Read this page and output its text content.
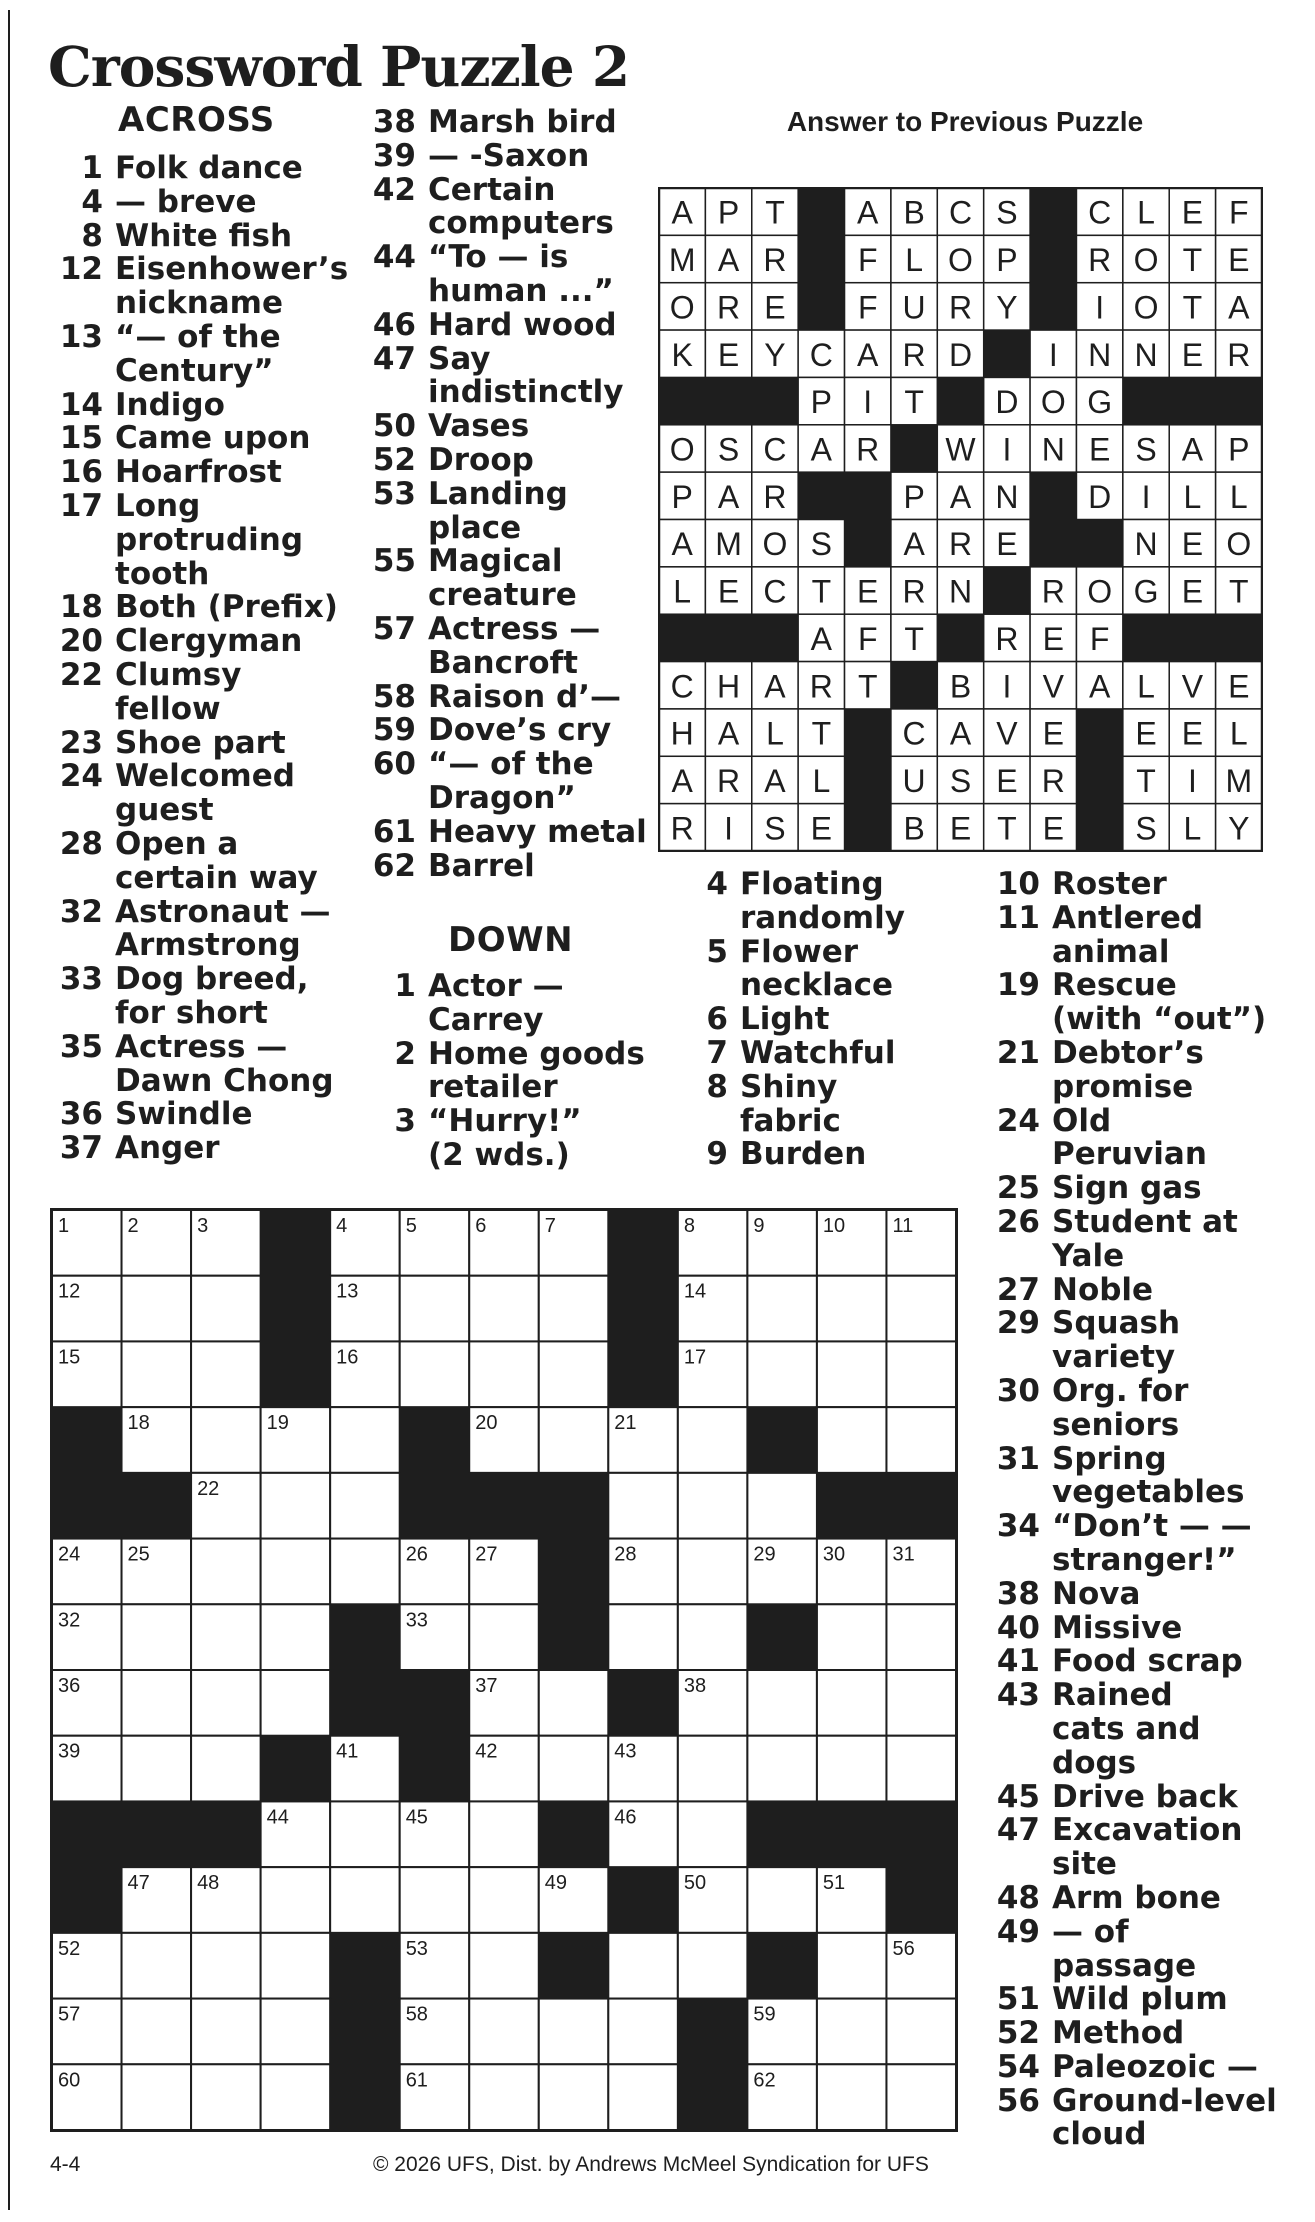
Crossword Puzzle 2
ACROSS
DOWN
Answer to Previous Puzzle
1 Folk dance
4 — breve
8 White fish
12 Eisenhower’s
nickname
13 “— of the
Century”
14 Indigo
15 Came upon
16 Hoarfrost
17 Long
protruding
tooth
18 Both (Prefix)
20 Clergyman
22 Clumsy
fellow
23 Shoe part
24 Welcomed
guest
28 Open a
certain way
32 Astronaut —
Armstrong
33 Dog breed,
for short
35 Actress —
Dawn Chong
36 Swindle
37 Anger
38 Marsh bird
39 — -Saxon
42 Certain
computers
44 “To — is
human ...”
46 Hard wood
47 Say
indistinctly
50 Vases
52 Droop
53 Landing
place
55 Magical
creature
57 Actress —
Bancroft
58 Raison d’—
59 Dove’s cry
60 “— of the
Dragon”
61 Heavy metal
62 Barrel
1 Actor —
Carrey
2 Home goods
retailer
3 “Hurry!”
(2 wds.)
4 Floating
randomly
5 Flower
necklace
6 Light
7 Watchful
8 Shiny
fabric
9 Burden
10 Roster
11 Antlered
animal
19 Rescue
(with “out”)
21 Debtor’s
promise
24 Old
Peruvian
25 Sign gas
26 Student at
Yale
27 Noble
29 Squash
variety
30 Org. for
seniors
31 Spring
vegetables
34 “Don’t — —
stranger!”
38 Nova
40 Missive
41 Food scrap
43 Rained
cats and
dogs
45 Drive back
47 Excavation
site
48 Arm bone
49 — of
passage
51 Wild plum
52 Method
54 Paleozoic —
56 Ground-level
cloud
A P T A B C S C L E F
M A R F L O P R O T E
O R E F U R Y I O T A
K E Y C A R D I N N E R
P I T D O G
O S C A R W I N E S A P
P A R	P A N D I L L
A M O S A R E	N E O
L E C T E R N R O G E T
A F T R E F
C H A R T B I V A L V E
H A L T C A V E E E L
A R A L U S E R T I M
R I S E B E T E S L Y
1	2	3	4	5	6	7	8	9	10 11
12	13	14
15	16	17
18	19	20	21
22
24 25	26 27	28	29 30 31
32	33
36	37	38
39	41	42	43
44	45	46
47 48	49	50	51
52	53	56
57	58	59
60	61	62
4-4	© 2026 UFS, Dist. by Andrews McMeel Syndication for UFS
